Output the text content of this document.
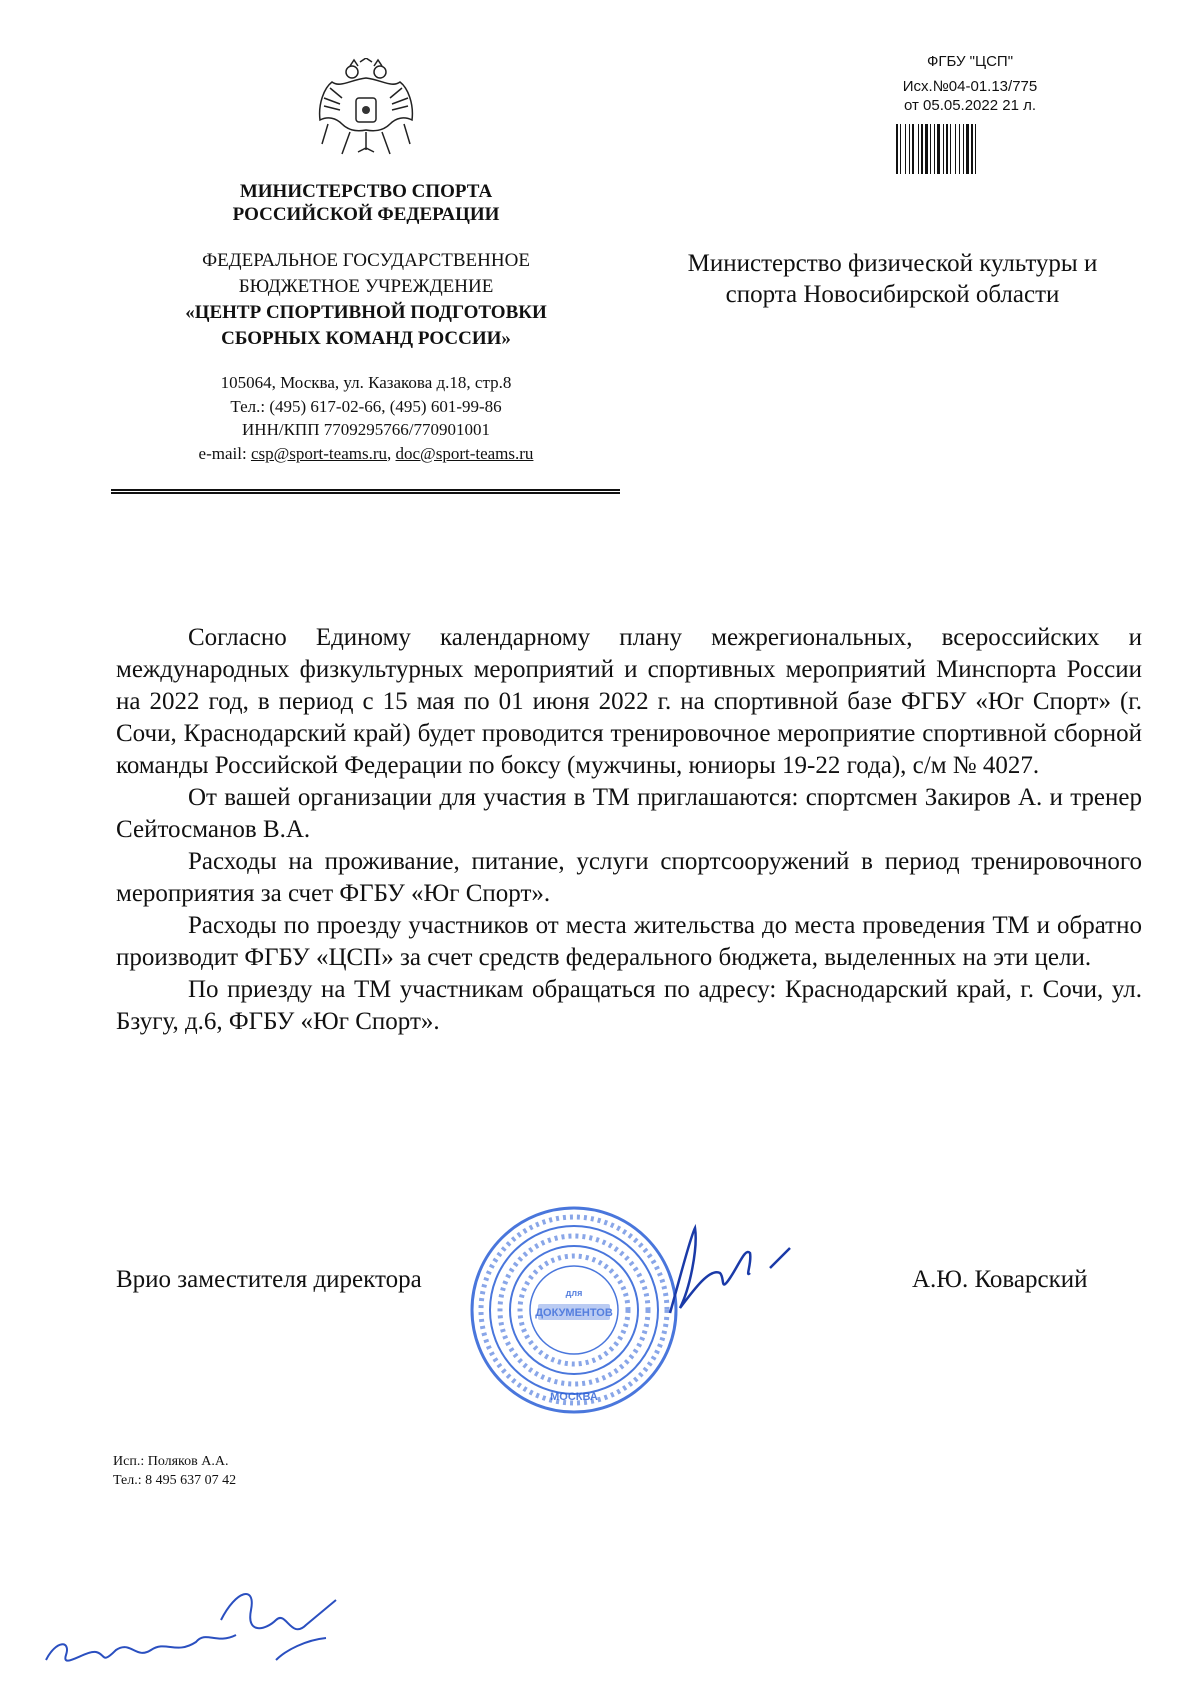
МИНИСТЕРСТВО СПОРТА
РОССИЙСКОЙ ФЕДЕРАЦИИ
ФЕДЕРАЛЬНОЕ ГОСУДАРСТВЕННОЕ
БЮДЖЕТНОЕ УЧРЕЖДЕНИЕ
«ЦЕНТР СПОРТИВНОЙ ПОДГОТОВКИ
СБОРНЫХ КОМАНД РОССИИ»
105064, Москва, ул. Казакова д.18, стр.8
Тел.: (495) 617-02-66, (495) 601-99-86
ИНН/КПП 7709295766/770901001
e-mail: csp@sport-teams.ru, doc@sport-teams.ru
ФГБУ "ЦСП"
Исх.№04-01.13/775
от 05.05.2022 21 л.
Министерство физической культуры и
спорта Новосибирской области

Согласно Единому календарному плану межрегиональных, всероссийских и международных физкультурных мероприятий и спортивных мероприятий Минспорта России на 2022 год, в период с 15 мая по 01 июня 2022 г. на спортивной базе ФГБУ «Юг Спорт» (г. Сочи, Краснодарский край) будет проводится тренировочное мероприятие спортивной сборной команды Российской Федерации по боксу (мужчины, юниоры 19-22 года), с/м № 4027.

От вашей организации для участия в ТМ приглашаются: спортсмен Закиров А. и тренер Сейтосманов В.А.

Расходы на проживание, питание, услуги спортсооружений в период тренировочного мероприятия за счет ФГБУ «Юг Спорт».

Расходы по проезду участников от места жительства до места проведения ТМ и обратно производит ФГБУ «ЦСП» за счет средств федерального бюджета, выделенных на эти цели.

По приезду на ТМ участникам обращаться по адресу: Краснодарский край, г. Сочи, ул. Бзугу, д.6, ФГБУ «Юг Спорт».

Врио заместителя директора	А.Ю. Коварский
ДОКУМЕНТОВ
для
МОСКВА
Исп.: Поляков А.А.
Тел.: 8 495 637 07 42
